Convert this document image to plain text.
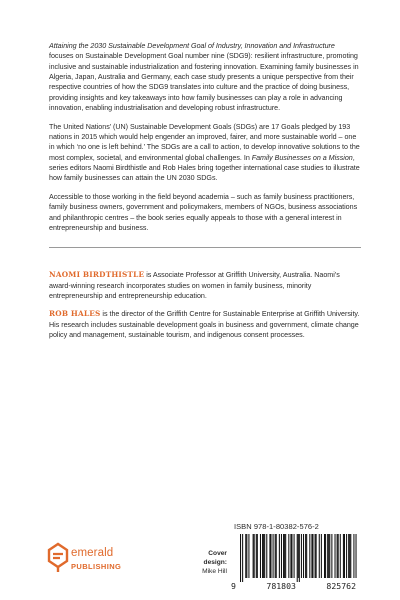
Attaining the 2030 Sustainable Development Goal of Industry, Innovation and Infrastructure focuses on Sustainable Development Goal number nine (SDG9): resilient infrastructure, promoting inclusive and sustainable industrialization and fostering innovation. Examining family businesses in Algeria, Japan, Australia and Germany, each case study presents a unique perspective from their respective countries of how the SDG9 translates into culture and the practice of doing business, providing insights and key takeaways into how family businesses can play a role in advancing innovation, enabling industrialisation and developing robust infrastructure.

The United Nations’ (UN) Sustainable Development Goals (SDGs) are 17 Goals pledged by 193 nations in 2015 which would help engender an improved, fairer, and more sustainable world – one in which ‘no one is left behind.’ The SDGs are a call to action, to develop innovative solutions to the most complex, societal, and environmental global challenges. In Family Businesses on a Mission, series editors Naomi Birdthistle and Rob Hales bring together international case studies to illustrate how family businesses can attain the UN 2030 SDGs.

Accessible to those working in the field beyond academia – such as family business practitioners, family business owners, government and policymakers, members of NGOs, business associations and philanthropic centres – the book series equally appeals to those with a general interest in entrepreneurship and business.

NAOMI BIRDTHISTLE is Associate Professor at Griffith University, Australia. Naomi’s award-winning research incorporates studies on women in family business, minority entrepreneurship and entrepreneurship education.

ROB HALES is the director of the Griffith Centre for Sustainable Enterprise at Griffith University. His research includes sustainable development goals in business and government, climate change policy and management, sustainable tourism, and indigenous consent processes.

emerald
PUBLISHING
Cover design:
Mike Hill
ISBN 978-1-80382-576-2
9	781803	825762
